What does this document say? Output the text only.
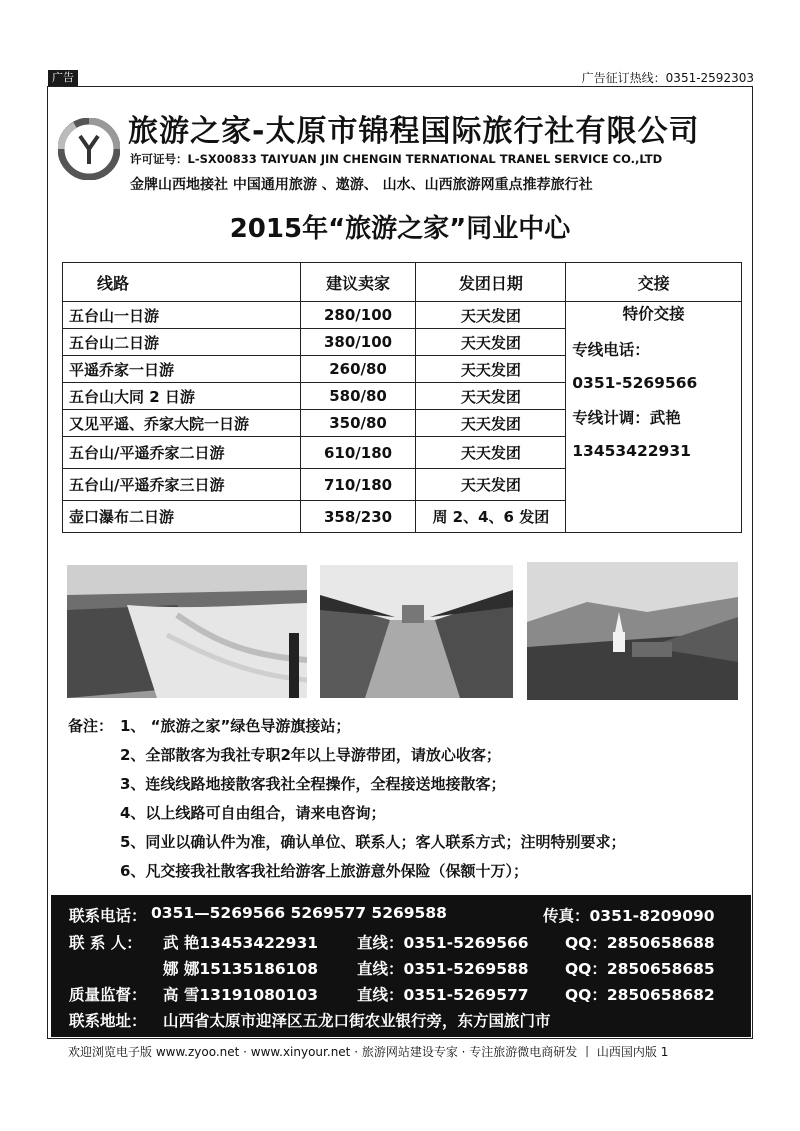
广告	广告征订热线：0351-2592303
旅游之家-太原市锦程国际旅行社有限公司
许可证号：L-SX00833 TAIYUAN JIN CHENGIN TERNATIONAL TRANEL SERVICE CO.,LTD
金牌山西地接社 中国通用旅游 、遨游、 山水、山西旅游网重点推荐旅行社
2015年“旅游之家”同业中心
线路	建议卖家	发团日期	交接
五台山一日游	280/100	天天发团	特价交接
专线电话：
0351-5269566
专线计调：武艳
13453422931

五台山二日游	380/100	天天发团	
平遥乔家一日游	260/80	天天发团	
五台山大同 2 日游	580/80	天天发团	
又见平遥、乔家大院一日游	350/80	天天发团	
五台山/平遥乔家二日游	610/180	天天发团	
五台山/平遥乔家三日游	710/180	天天发团	
壶口瀑布二日游	358/230	周 2、4、6 发团	
备注： 1、 “旅游之家”绿色导游旗接站；
2、全部散客为我社专职2年以上导游带团，请放心收客；
3、连线线路地接散客我社全程操作，全程接送地接散客；
4、以上线路可自由组合，请来电咨询；
5、同业以确认件为准，确认单位、联系人；客人联系方式；注明特别要求；
6、凡交接我社散客我社给游客上旅游意外保险（保额十万）；
联系电话： 0351—5269566 5269577 5269588	传真：0351-8209090
联 系 人： 武 艳13453422931	直线：0351-5269566 QQ：2850658688
娜 娜15135186108	直线：0351-5269588 QQ：2850658685
质量监督： 高 雪13191080103	直线：0351-5269577 QQ：2850658682
联系地址： 山西省太原市迎泽区五龙口街农业银行旁，东方国旅门市
欢迎浏览电子版 www.zyoo.net · www.xinyour.net · 旅游网站建设专家 · 专注旅游微电商研发 丨 山西国内版 1
